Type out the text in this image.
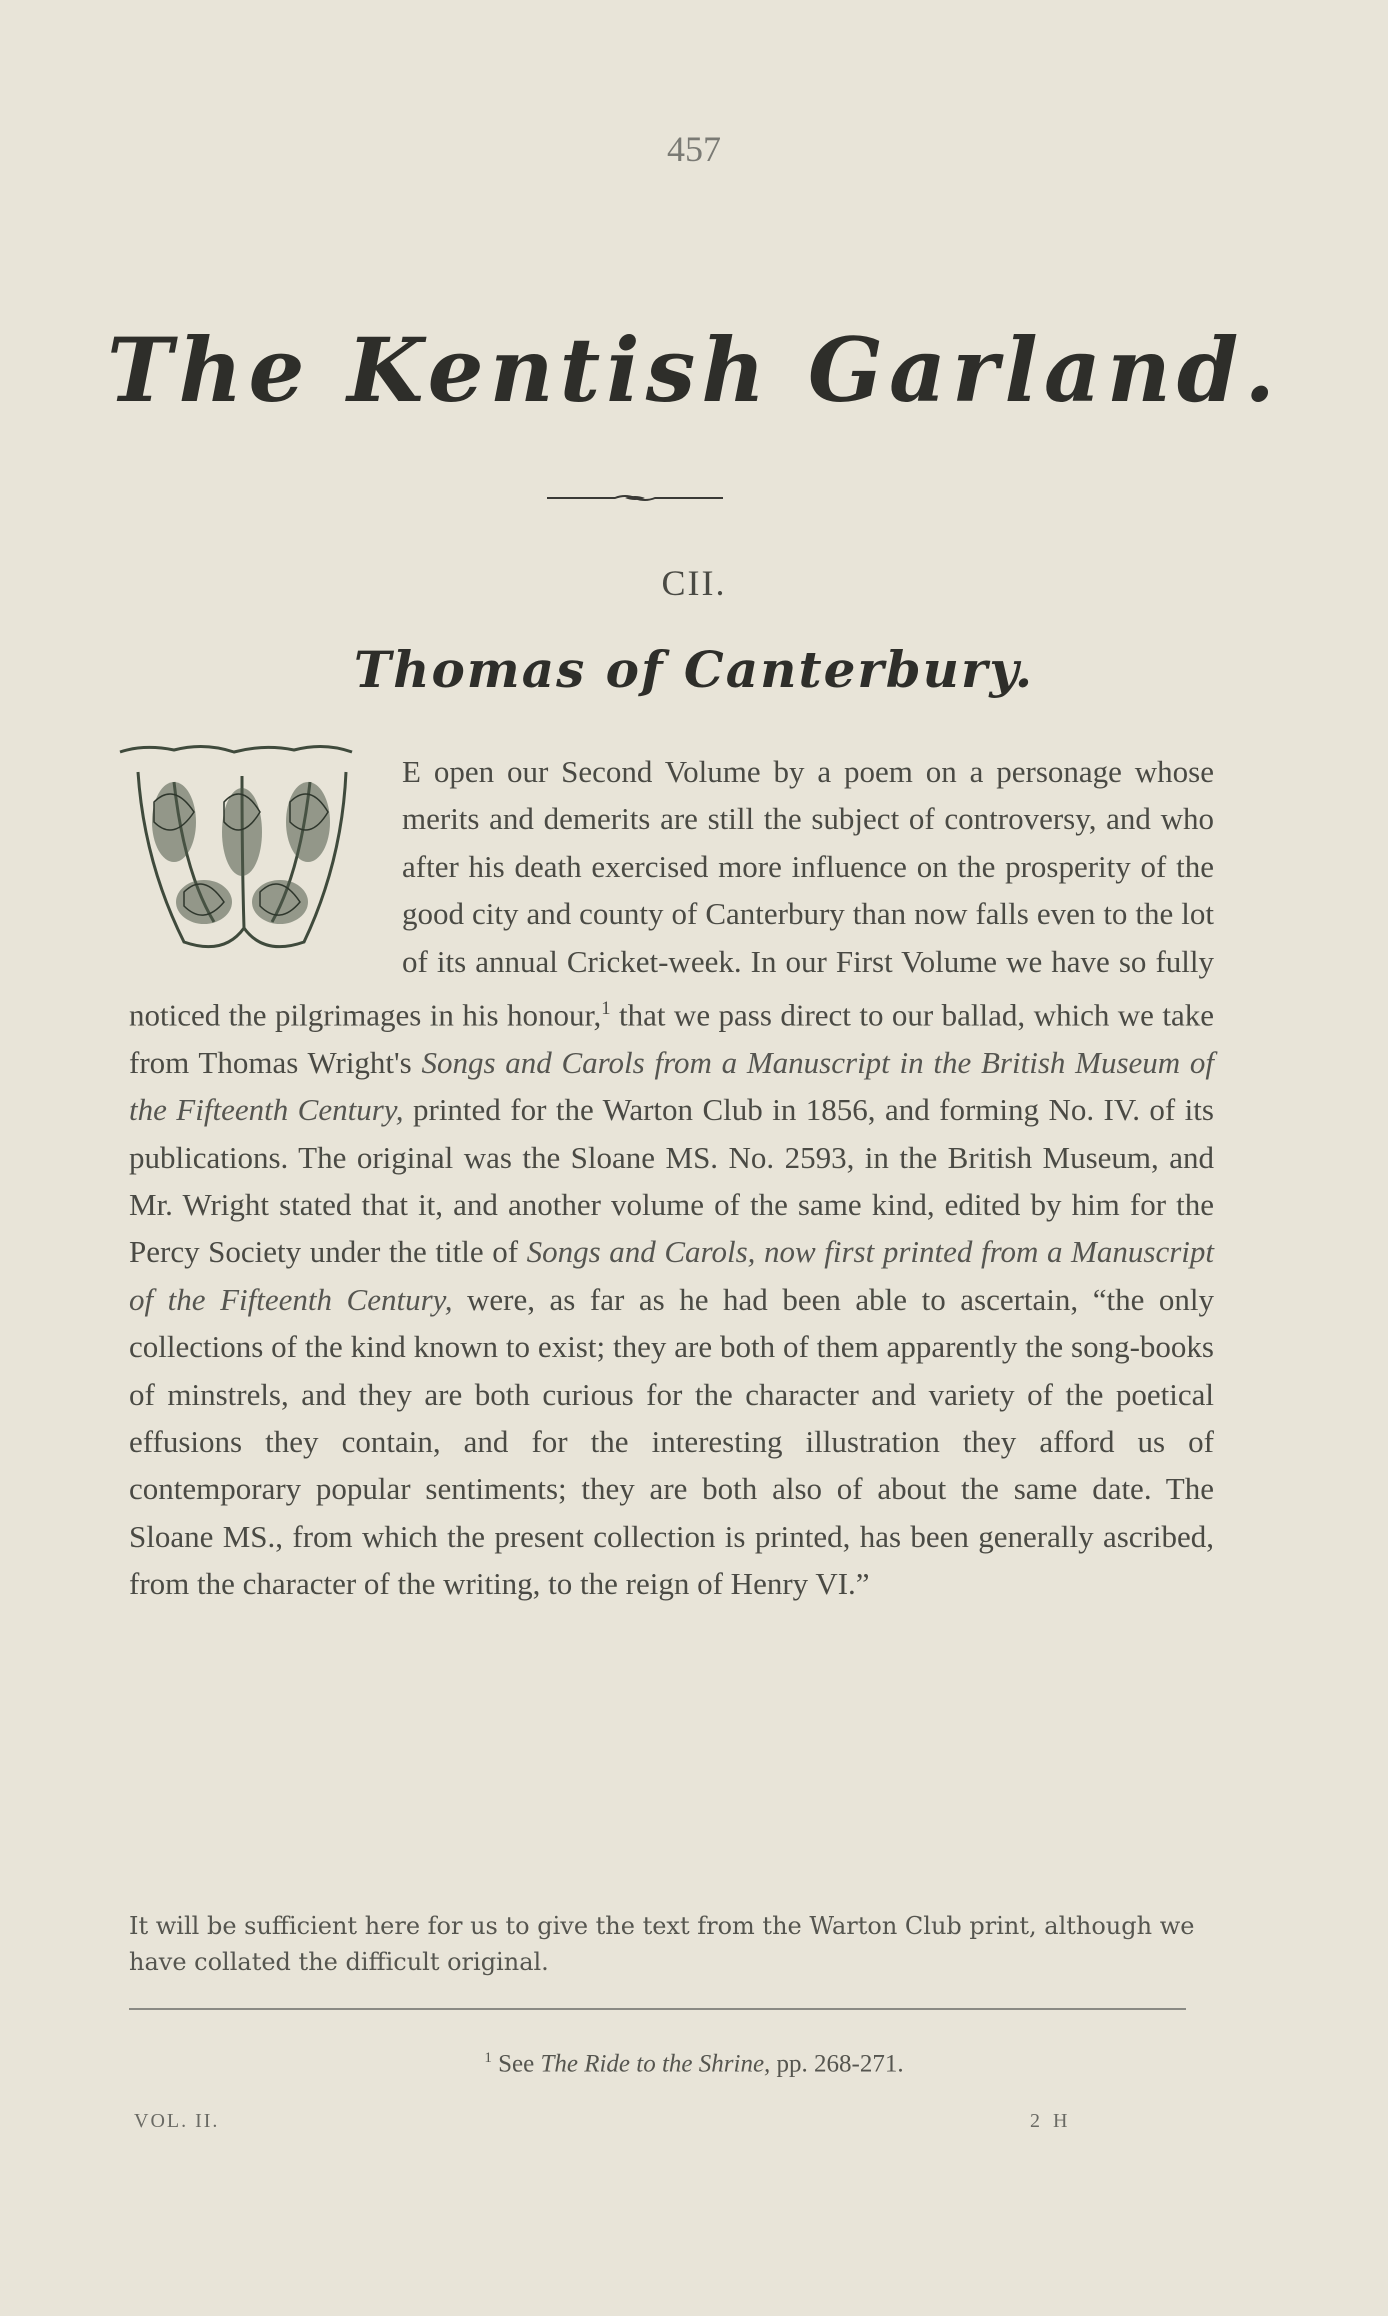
457
The Kentish Garland.
CII.
Thomas of Canterbury.

E open our Second Volume by a poem on a personage whose merits and demerits are still the subject of controversy, and who after his death exercised more influence on the prosperity of the good city and county of Canterbury than now falls even to the lot of its annual Cricket-week. In our First Volume we have so fully noticed the pilgrimages in his honour,$^1$ that we pass direct to our ballad, which we take from Thomas Wright's Songs and Carols from a Manuscript in the British Museum of the Fifteenth Century, printed for the Warton Club in 1856, and forming No. IV. of its publications. The original was the Sloane MS. No. 2593, in the British Museum, and Mr. Wright stated that it, and another volume of the same kind, edited by him for the Percy Society under the title of Songs and Carols, now first printed from a Manuscript of the Fifteenth Century, were, as far as he had been able to ascertain, “the only collections of the kind known to exist; they are both of them apparently the song-books of minstrels, and they are both curious for the character and variety of the poetical effusions they contain, and for the interesting illustration they afford us of contemporary popular sentiments; they are both also of about the same date. The Sloane MS., from which the present collection is printed, has been generally ascribed, from the character of the writing, to the reign of Henry VI.”

It will be sufficient here for us to give the text from the Warton Club print, although we have collated the difficult original.
$^1$ See The Ride to the Shrine, pp. 268-271.
VOL. II.	2 H
